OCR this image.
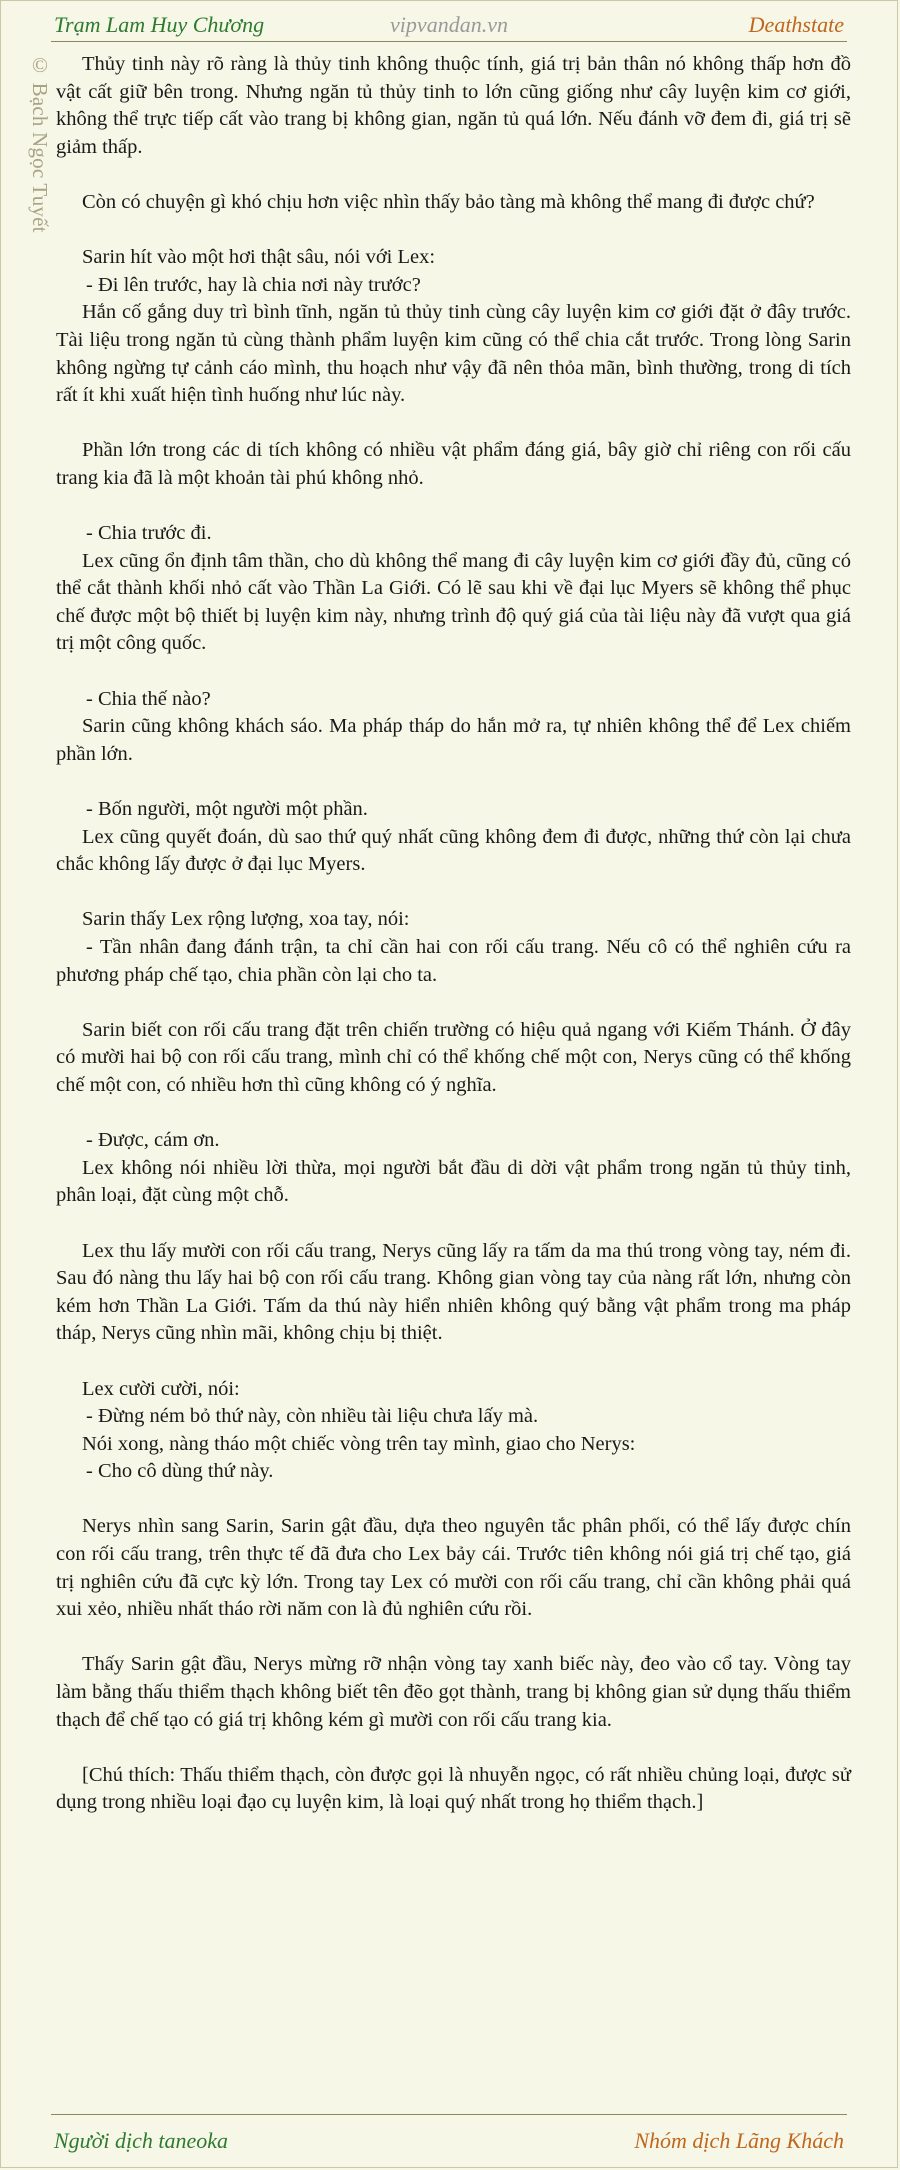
Trạm Lam Huy Chương	vipvandan.vn	Deathstate
© Bạch Ngọc Tuyết	Thủy tinh này rõ ràng là thủy tinh không thuộc tính, giá trị bản thân nó không thấp hơn đồ vật cất giữ bên trong. Nhưng ngăn tủ thủy tinh to lớn cũng giống như cây luyện kim cơ giới, không thể trực tiếp cất vào trang bị không gian, ngăn tủ quá lớn. Nếu đánh vỡ đem đi, giá trị sẽ giảm thấp.

Còn có chuyện gì khó chịu hơn việc nhìn thấy bảo tàng mà không thể mang đi được chứ?

Sarin hít vào một hơi thật sâu, nói với Lex:

- Đi lên trước, hay là chia nơi này trước?

Hắn cố gắng duy trì bình tĩnh, ngăn tủ thủy tinh cùng cây luyện kim cơ giới đặt ở đây trước. Tài liệu trong ngăn tủ cùng thành phẩm luyện kim cũng có thể chia cắt trước. Trong lòng Sarin không ngừng tự cảnh cáo mình, thu hoạch như vậy đã nên thỏa mãn, bình thường, trong di tích rất ít khi xuất hiện tình huống như lúc này.

Phần lớn trong các di tích không có nhiều vật phẩm đáng giá, bây giờ chỉ riêng con rối cấu trang kia đã là một khoản tài phú không nhỏ.

- Chia trước đi.

Lex cũng ổn định tâm thần, cho dù không thể mang đi cây luyện kim cơ giới đầy đủ, cũng có thể cắt thành khối nhỏ cất vào Thần La Giới. Có lẽ sau khi về đại lục Myers sẽ không thể phục chế được một bộ thiết bị luyện kim này, nhưng trình độ quý giá của tài liệu này đã vượt qua giá trị một công quốc.

- Chia thế nào?

Sarin cũng không khách sáo. Ma pháp tháp do hắn mở ra, tự nhiên không thể để Lex chiếm phần lớn.

- Bốn người, một người một phần.

Lex cũng quyết đoán, dù sao thứ quý nhất cũng không đem đi được, những thứ còn lại chưa chắc không lấy được ở đại lục Myers.

Sarin thấy Lex rộng lượng, xoa tay, nói:

- Tần nhân đang đánh trận, ta chỉ cần hai con rối cấu trang. Nếu cô có thể nghiên cứu ra phương pháp chế tạo, chia phần còn lại cho ta.

Sarin biết con rối cấu trang đặt trên chiến trường có hiệu quả ngang với Kiếm Thánh. Ở đây có mười hai bộ con rối cấu trang, mình chỉ có thể khống chế một con, Nerys cũng có thể khống chế một con, có nhiều hơn thì cũng không có ý nghĩa.

- Được, cám ơn.

Lex không nói nhiều lời thừa, mọi người bắt đầu di dời vật phẩm trong ngăn tủ thủy tinh, phân loại, đặt cùng một chỗ.

Lex thu lấy mười con rối cấu trang, Nerys cũng lấy ra tấm da ma thú trong vòng tay, ném đi. Sau đó nàng thu lấy hai bộ con rối cấu trang. Không gian vòng tay của nàng rất lớn, nhưng còn kém hơn Thần La Giới. Tấm da thú này hiển nhiên không quý bằng vật phẩm trong ma pháp tháp, Nerys cũng nhìn mãi, không chịu bị thiệt.

Lex cười cười, nói:

- Đừng ném bỏ thứ này, còn nhiều tài liệu chưa lấy mà.

Nói xong, nàng tháo một chiếc vòng trên tay mình, giao cho Nerys:

- Cho cô dùng thứ này.

Nerys nhìn sang Sarin, Sarin gật đầu, dựa theo nguyên tắc phân phối, có thể lấy được chín con rối cấu trang, trên thực tế đã đưa cho Lex bảy cái. Trước tiên không nói giá trị chế tạo, giá trị nghiên cứu đã cực kỳ lớn. Trong tay Lex có mười con rối cấu trang, chỉ cần không phải quá xui xẻo, nhiều nhất tháo rời năm con là đủ nghiên cứu rồi.

Thấy Sarin gật đầu, Nerys mừng rỡ nhận vòng tay xanh biếc này, đeo vào cổ tay. Vòng tay làm bằng thấu thiểm thạch không biết tên đẽo gọt thành, trang bị không gian sử dụng thấu thiểm thạch để chế tạo có giá trị không kém gì mười con rối cấu trang kia.

[Chú thích: Thấu thiểm thạch, còn được gọi là nhuyễn ngọc, có rất nhiều chủng loại, được sử dụng trong nhiều loại đạo cụ luyện kim, là loại quý nhất trong họ thiểm thạch.]

Người dịch taneoka	Nhóm dịch Lãng Khách
